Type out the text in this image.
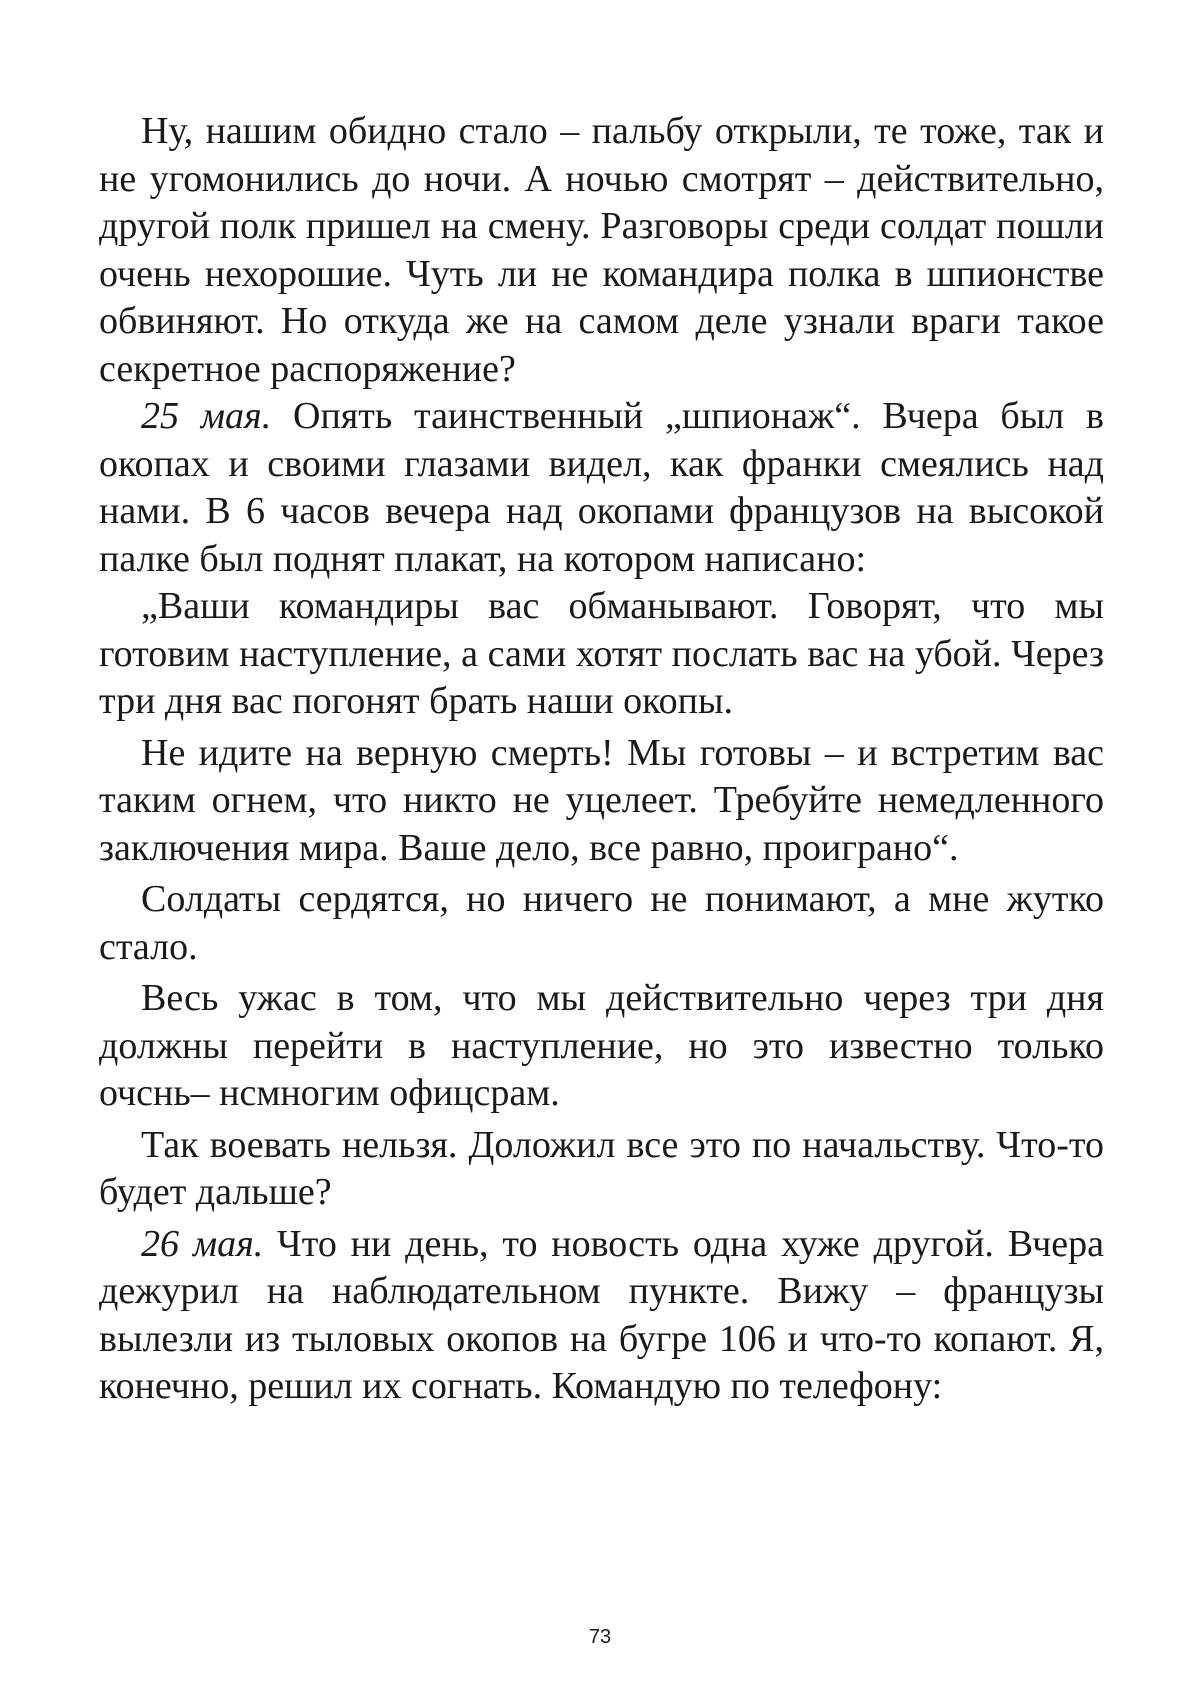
Ну, нашим обидно стало – пальбу открыли, те тоже, так и не угомонились до ночи. А ночью смотрят – действительно, другой полк пришел на смену. Разговоры среди солдат пошли очень нехорошие. Чуть ли не командира полка в шпионстве обвиняют. Но откуда же на самом деле узнали враги такое секретное распоряжение?

25 мая. Опять таинственный „шпионаж“. Вчера был в окопах и своими глазами видел, как франки смеялись над нами. В 6 часов вечера над окопами французов на высокой палке был поднят плакат, на котором написано:

„Ваши командиры вас обманывают. Говорят, что мы готовим наступление, а сами хотят послать вас на убой. Через три дня вас погонят брать наши окопы.

Не идите на верную смерть! Мы готовы – и встретим вас таким огнем, что никто не уцелеет. Требуйте немедленного заключения мира. Ваше дело, все равно, проиграно“.

Солдаты сердятся, но ничего не понимают, а мне жутко стало.

Весь ужас в том, что мы действительно через три дня должны перейти в наступление, но это известно только очснь– нсмногим офицсрам.

Так воевать нельзя. Доложил все это по начальству. Что-то будет дальше?

26 мая. Что ни день, то новость одна хуже другой. Вчера дежурил на наблюдательном пункте. Вижу – французы вылезли из тыловых окопов на бугре 106 и что-то копают. Я, конечно, решил их согнать. Командую по телефону:

73
